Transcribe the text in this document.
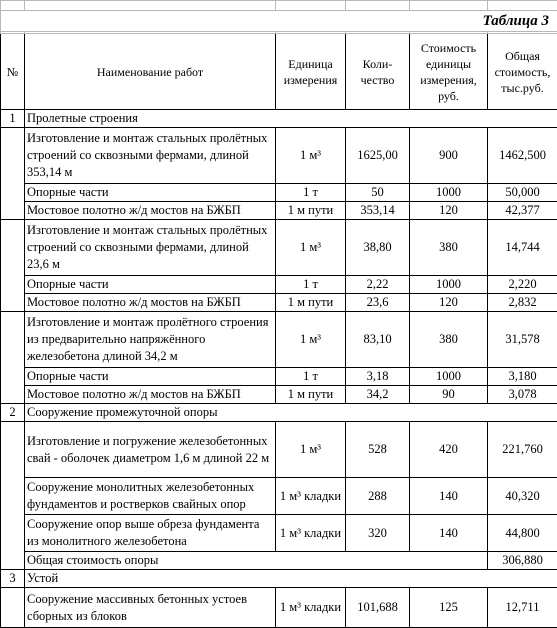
Таблица 3					

№	Наименование работ	Единица измерения	Коли-чество	Стоимость единицы измерения, руб.	Общая стоимость, тыс.руб.
1	Пролетные строения				
	Изготовление и монтаж стальных пролётных строений со сквозными фермами, длиной 353,14 м	1 м³	1625,00	900	1462,500
	Опорные части	1 т	50	1000	50,000
	Мостовое полотно ж/д мостов на БЖБП	1 м пути	353,14	120	42,377
	Изготовление и монтаж стальных пролётных строений со сквозными фермами, длиной 23,6 м	1 м³	38,80	380	14,744
	Опорные части	1 т	2,22	1000	2,220
	Мостовое полотно ж/д мостов на БЖБП	1 м пути	23,6	120	2,832
	Изготовление и монтаж пролётного строения из предварительно напряжённого железобетона длиной 34,2 м	1 м³	83,10	380	31,578
	Опорные части	1 т	3,18	1000	3,180
	Мостовое полотно ж/д мостов на БЖБП	1 м пути	34,2	90	3,078
2	Сооружение промежуточной опоры				
	Изготовление и погружение железобетонных свай - оболочек диаметром 1,6 м длиной 22 м	1 м³	528	420	221,760
	Сооружение монолитных железобетонных фундаментов и ростверков свайных опор	1 м³ кладки	288	140	40,320
	Сооружение опор выше обреза фундамента из монолитного железобетона	1 м³ кладки	320	140	44,800
	Общая стоимость опоры				306,880
3	Устой				
	Сооружение массивных бетонных устоев сборных из блоков	1 м³ кладки	101,688	125	12,711
